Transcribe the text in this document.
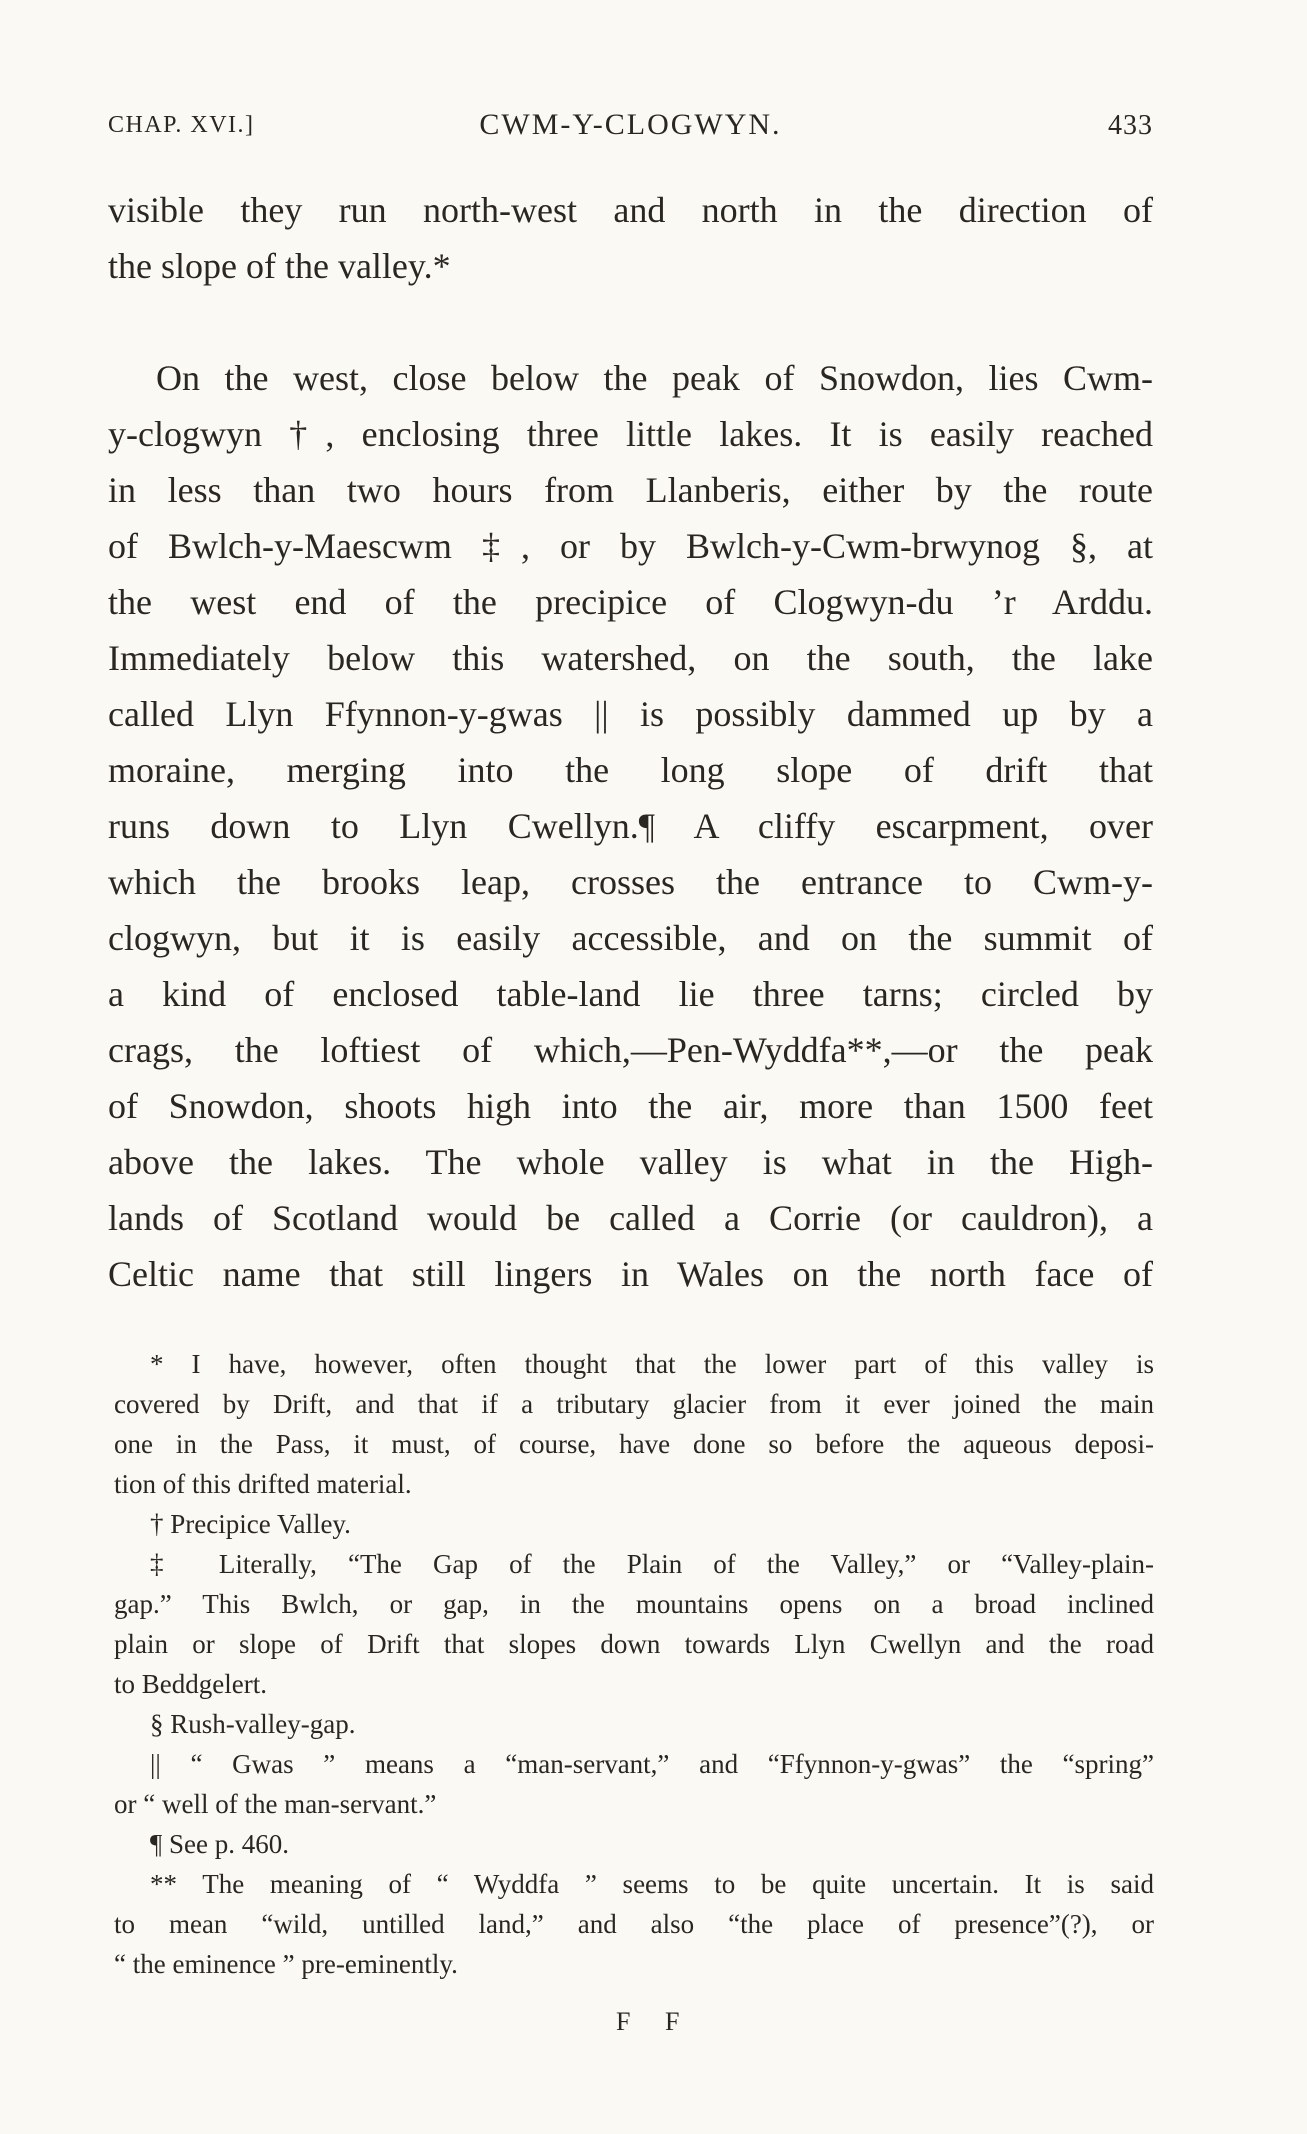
CHAP. XVI.]	CWM-Y-CLOGWYN.	433
visible they run north-west and north in the direction of
the slope of the valley.*
On the west, close below the peak of Snowdon, lies Cwm-
y-clogwyn †, enclosing three little lakes. It is easily reached
in less than two hours from Llanberis, either by the route
of Bwlch-y-Maescwm ‡, or by Bwlch-y-Cwm-brwynog §, at
the west end of the precipice of Clogwyn-du ’r Arddu.
Immediately below this watershed, on the south, the lake
called Llyn Ffynnon-y-gwas || is possibly dammed up by a
moraine, merging into the long slope of drift that
runs down to Llyn Cwellyn.¶ A cliffy escarpment, over
which the brooks leap, crosses the entrance to Cwm-y-
clogwyn, but it is easily accessible, and on the summit of
a kind of enclosed table-land lie three tarns; circled by
crags, the loftiest of which,—Pen-Wyddfa**,—or the peak
of Snowdon, shoots high into the air, more than 1500 feet
above the lakes. The whole valley is what in the High-
lands of Scotland would be called a Corrie (or cauldron), a
Celtic name that still lingers in Wales on the north face of
* I have, however, often thought that the lower part of this valley is
covered by Drift, and that if a tributary glacier from it ever joined the main
one in the Pass, it must, of course, have done so before the aqueous deposi-
tion of this drifted material.
† Precipice Valley.
‡ Literally, “The Gap of the Plain of the Valley,” or “Valley-plain-
gap.” This Bwlch, or gap, in the mountains opens on a broad inclined
plain or slope of Drift that slopes down towards Llyn Cwellyn and the road
to Beddgelert.
§ Rush-valley-gap.
|| “ Gwas ” means a “man-servant,” and “Ffynnon-y-gwas” the “spring”
or “ well of the man-servant.”
¶ See p. 460.
** The meaning of “ Wyddfa ” seems to be quite uncertain. It is said
to mean “wild, untilled land,” and also “the place of presence”(?), or
“ the eminence ” pre-eminently.
F F
